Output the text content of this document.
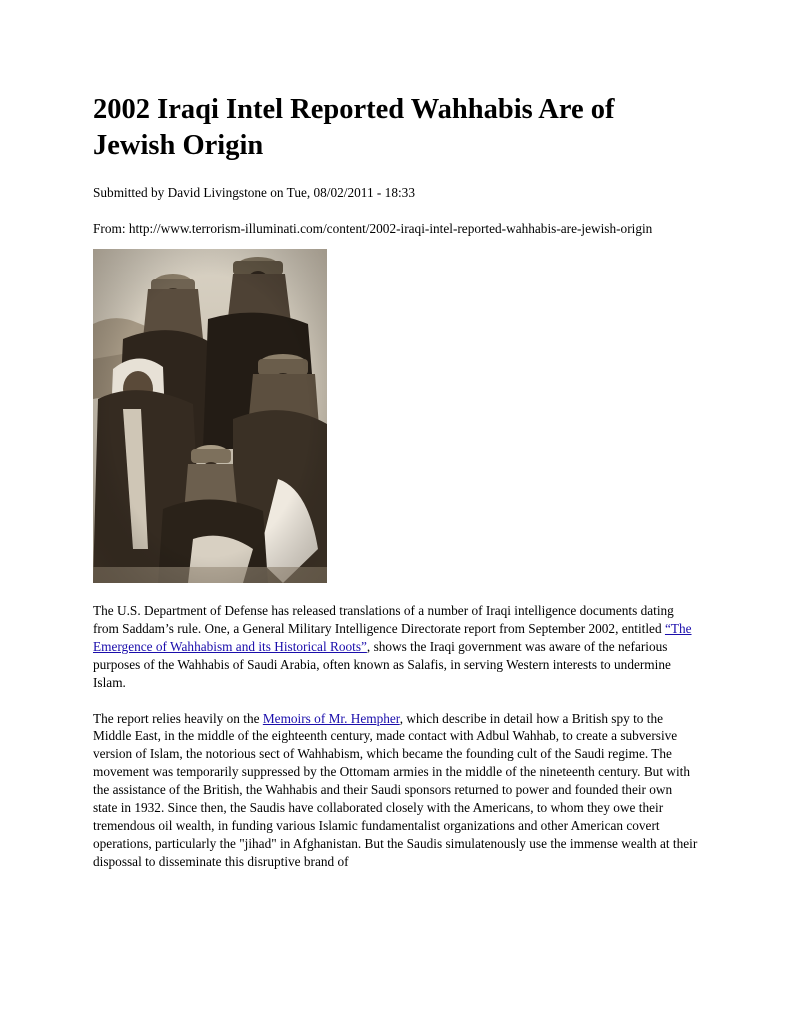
2002 Iraqi Intel Reported Wahhabis Are of Jewish Origin
Submitted by David Livingstone on Tue, 08/02/2011 - 18:33
From: http://www.terrorism-illuminati.com/content/2002-iraqi-intel-reported-wahhabis-are-jewish-origin

The U.S. Department of Defense has released translations of a number of Iraqi intelligence documents dating from Saddam’s rule. One, a General Military Intelligence Directorate report from September 2002, entitled “The Emergence of Wahhabism and its Historical Roots”, shows the Iraqi government was aware of the nefarious purposes of the Wahhabis of Saudi Arabia, often known as Salafis, in serving Western interests to undermine Islam.

The report relies heavily on the Memoirs of Mr. Hempher, which describe in detail how a British spy to the Middle East, in the middle of the eighteenth century, made contact with Adbul Wahhab, to create a subversive version of Islam, the notorious sect of Wahhabism, which became the founding cult of the Saudi regime. The movement was temporarily suppressed by the Ottomam armies in the middle of the nineteenth century. But with the assistance of the British, the Wahhabis and their Saudi sponsors returned to power and founded their own state in 1932. Since then, the Saudis have collaborated closely with the Americans, to whom they owe their tremendous oil wealth, in funding various Islamic fundamentalist organizations and other American covert operations, particularly the "jihad" in Afghanistan. But the Saudis simulatenously use the immense wealth at their dispossal to disseminate this disruptive brand of
